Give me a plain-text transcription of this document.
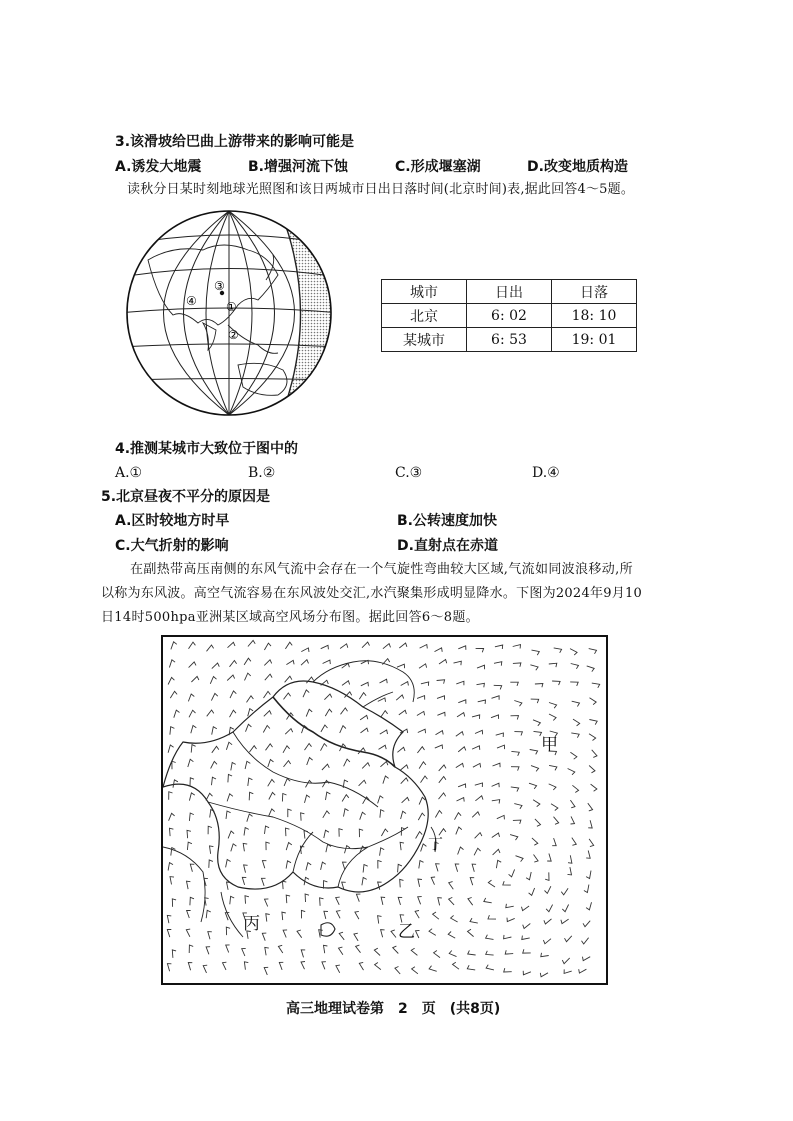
3.该滑坡给巴曲上游带来的影响可能是
A.诱发大地震	B.增强河流下蚀	C.形成堰塞湖	D.改变地质构造
读秋分日某时刻地球光照图和该日两城市日出日落时间(北京时间)表,据此回答4～5题。
④
③
①
②
城市	日出	日落
北京	6: 02	18: 10
某城市	6: 53	19: 01
4.推测某城市大致位于图中的
A.①	B.②	C.③	D.④
5.北京昼夜不平分的原因是
A.区时较地方时早	B.公转速度加快
C.大气折射的影响	D.直射点在赤道
在副热带高压南侧的东风气流中会存在一个气旋性弯曲较大区域,气流如同波浪移动,所
以称为东风波。高空气流容易在东风波处交汇,水汽聚集形成明显降水。下图为2024年9月10
日14时500hpa亚洲某区域高空风场分布图。据此回答6～8题。
甲
乙
丙
丁
高三地理试卷第　2　页　(共8页)
